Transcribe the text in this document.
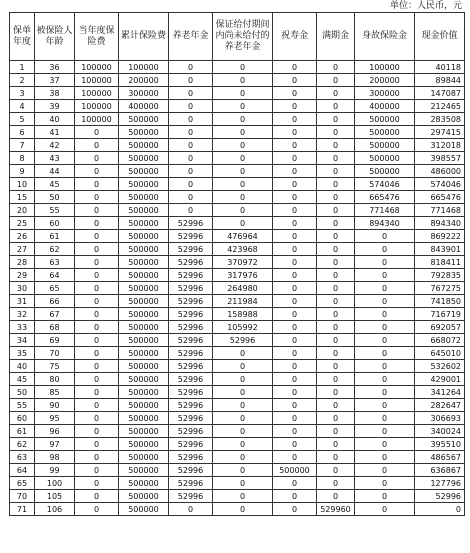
单位：人民币，元
保单年度	被保险人年龄	当年度保险费	累计保险费	养老年金	保证给付期间内尚未给付的养老年金	祝寿金	满期金	身故保险金	现金价值
1	36	100000	100000	0	0	0	0	100000	40118
2	37	100000	200000	0	0	0	0	200000	89844
3	38	100000	300000	0	0	0	0	300000	147087
4	39	100000	400000	0	0	0	0	400000	212465
5	40	100000	500000	0	0	0	0	500000	283508
6	41	0	500000	0	0	0	0	500000	297415
7	42	0	500000	0	0	0	0	500000	312018
8	43	0	500000	0	0	0	0	500000	398557
9	44	0	500000	0	0	0	0	500000	486000
10	45	0	500000	0	0	0	0	574046	574046
15	50	0	500000	0	0	0	0	665476	665476
20	55	0	500000	0	0	0	0	771468	771468
25	60	0	500000	52996	0	0	0	894340	894340
26	61	0	500000	52996	476964	0	0	0	869222
27	62	0	500000	52996	423968	0	0	0	843901
28	63	0	500000	52996	370972	0	0	0	818411
29	64	0	500000	52996	317976	0	0	0	792835
30	65	0	500000	52996	264980	0	0	0	767275
31	66	0	500000	52996	211984	0	0	0	741850
32	67	0	500000	52996	158988	0	0	0	716719
33	68	0	500000	52996	105992	0	0	0	692057
34	69	0	500000	52996	52996	0	0	0	668072
35	70	0	500000	52996	0	0	0	0	645010
40	75	0	500000	52996	0	0	0	0	532602
45	80	0	500000	52996	0	0	0	0	429001
50	85	0	500000	52996	0	0	0	0	341264
55	90	0	500000	52996	0	0	0	0	282647
60	95	0	500000	52996	0	0	0	0	306693
61	96	0	500000	52996	0	0	0	0	340024
62	97	0	500000	52996	0	0	0	0	395510
63	98	0	500000	52996	0	0	0	0	486567
64	99	0	500000	52996	0	500000	0	0	636867
65	100	0	500000	52996	0	0	0	0	127796
70	105	0	500000	52996	0	0	0	0	52996
71	106	0	500000	0	0	0	529960	0	0
